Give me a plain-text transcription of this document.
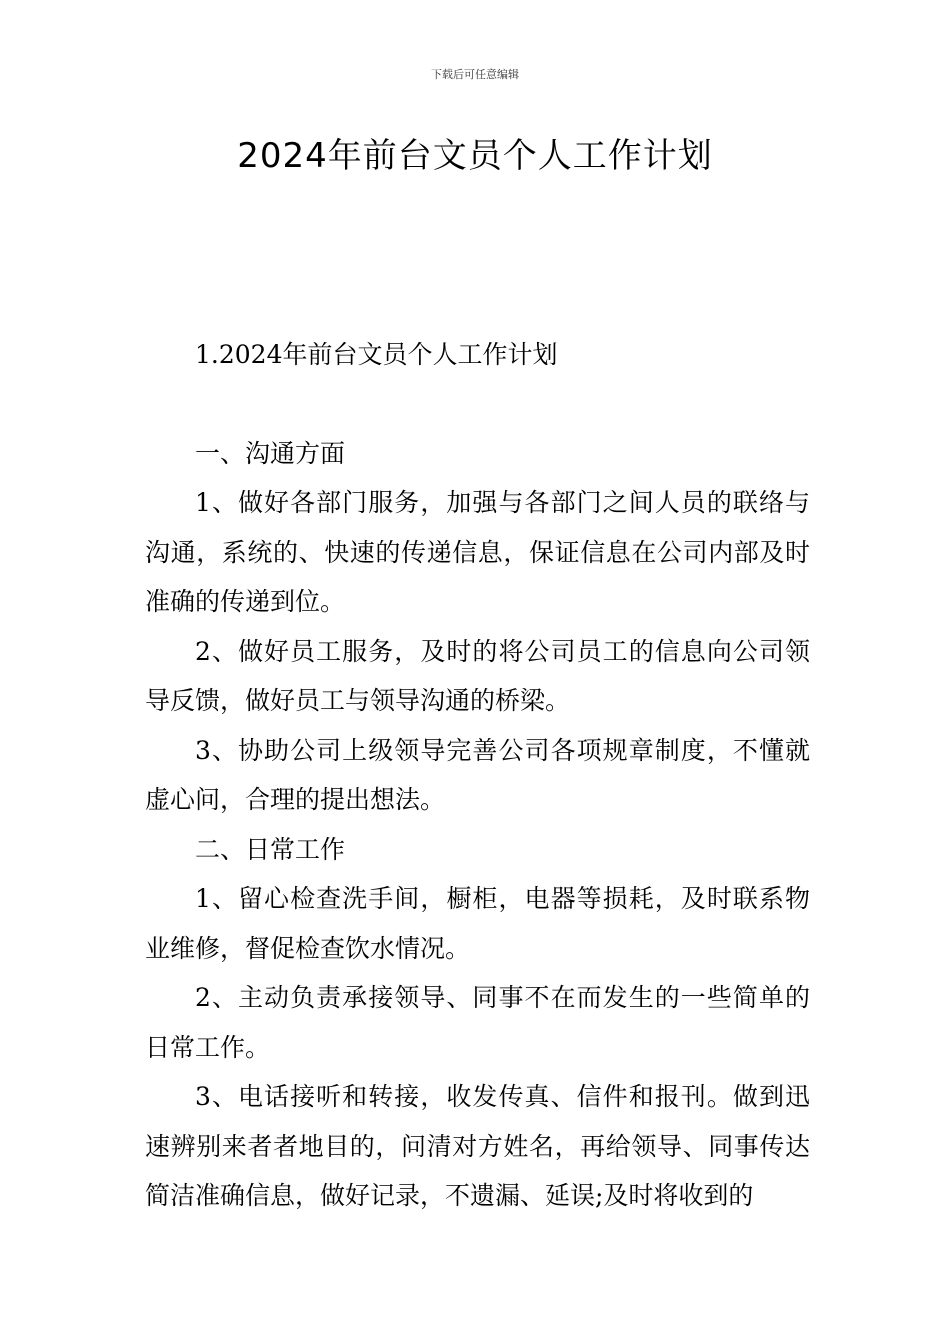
下载后可任意编辑
2024年前台文员个人工作计划

1.2024年前台文员个人工作计划

一、沟通方面

1、做好各部门服务，加强与各部门之间人员的联络与沟通，系统的、快速的传递信息，保证信息在公司内部及时准确的传递到位。

2、做好员工服务，及时的将公司员工的信息向公司领导反馈，做好员工与领导沟通的桥梁。

3、协助公司上级领导完善公司各项规章制度，不懂就虚心问，合理的提出想法。

二、日常工作

1、留心检查洗手间，橱柜，电器等损耗，及时联系物业维修，督促检查饮水情况。

2、主动负责承接领导、同事不在而发生的一些简单的日常工作。

3、电话接听和转接，收发传真、信件和报刊。做到迅速辨别来者者地目的，问清对方姓名，再给领导、同事传达简洁准确信息，做好记录，不遗漏、延误;及时将收到的
